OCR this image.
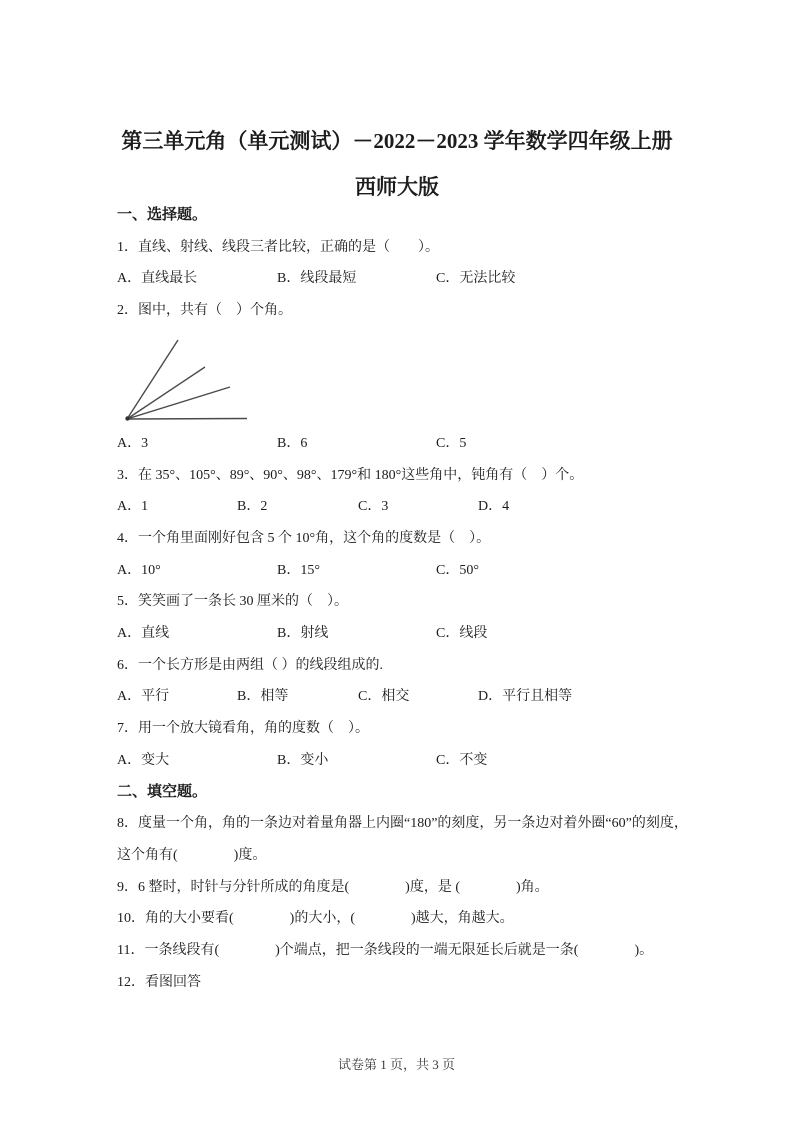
第三单元角（单元测试）－2022－2023 学年数学四年级上册
西师大版
一、选择题。
1．直线、射线、线段三者比较，正确的是（　　）。
A．直线最长	B．线段最短	C．无法比较
2．图中，共有（　）个角。
A．3	B．6	C．5
3．在 35°、105°、89°、90°、98°、179°和 180°这些角中，钝角有（　）个。
A．1	B．2	C．3	D．4
4．一个角里面刚好包含 5 个 10°角，这个角的度数是（　）。
A．10°	B．15°	C．50°
5．笑笑画了一条长 30 厘米的（　）。
A．直线	B．射线	C．线段
6．一个长方形是由两组（ ）的线段组成的.
A．平行	B．相等	C．相交	D．平行且相等
7．用一个放大镜看角，角的度数（　）。
A．变大	B．变小	C．不变
二、填空题。
8．度量一个角，角的一条边对着量角器上内圈“180”的刻度，另一条边对着外圈“60”的刻度，
这个角有(　　　　)度。
9．6 整时，时针与分针所成的角度是(　　　　)度，是 (　　　　)角。
10．角的大小要看(　　　　)的大小，(　　　　)越大，角越大。
11．一条线段有(　　　　)个端点，把一条线段的一端无限延长后就是一条(　　　　)。
12．看图回答
试卷第 1 页，共 3 页
